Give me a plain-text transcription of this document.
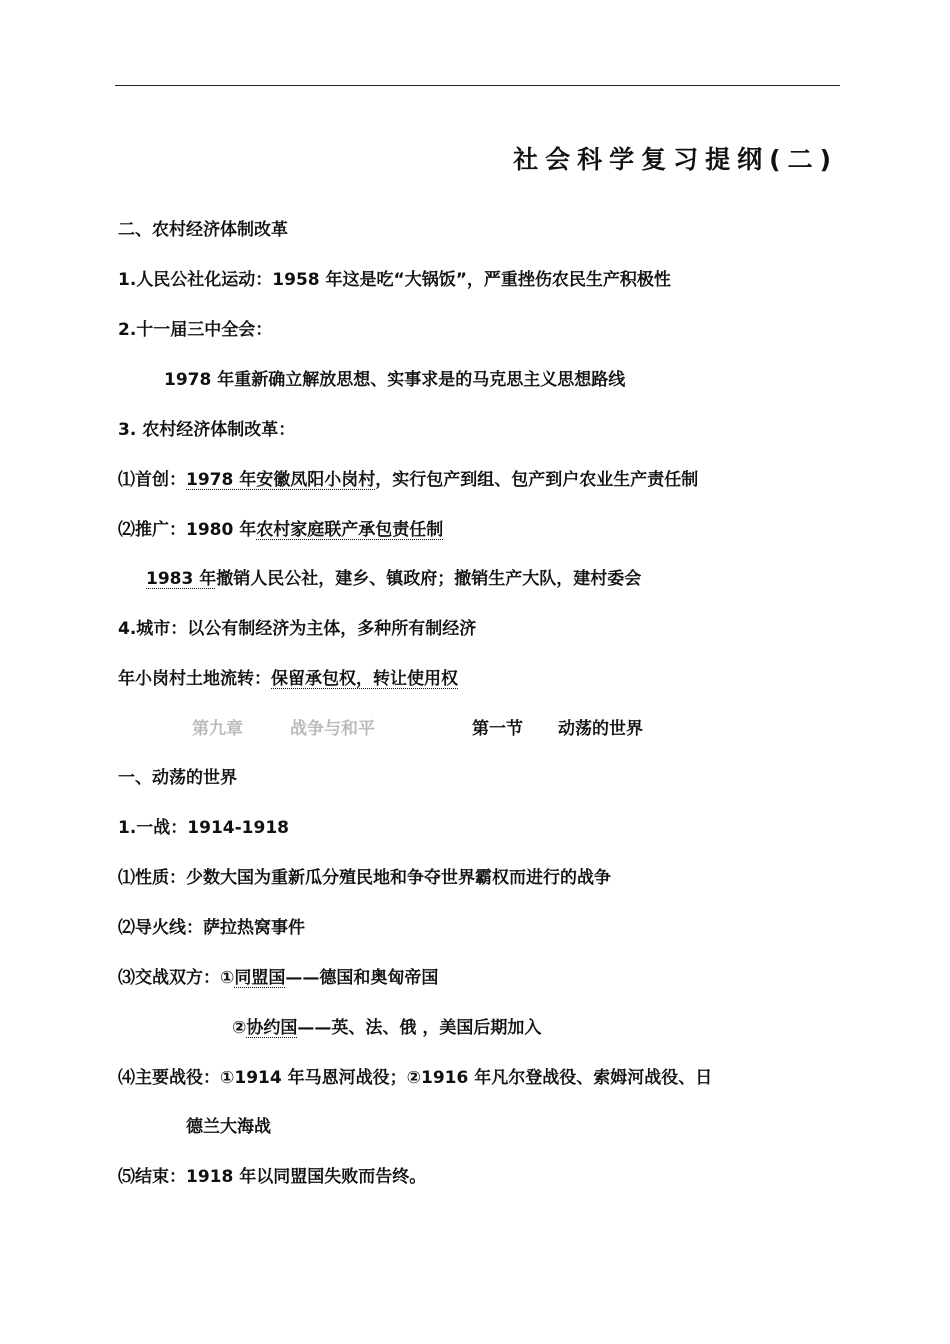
社会科学复习提纲(二)
二、农村经济体制改革
1.人民公社化运动：1958 年这是吃“大锅饭”，严重挫伤农民生产积极性
2.十一届三中全会：
1978 年重新确立解放思想、实事求是的马克思主义思想路线
3. 农村经济体制改革：
⑴首创：1978 年安徽凤阳小岗村，实行包产到组、包产到户农业生产责任制
⑵推广：1980 年农村家庭联产承包责任制
1983 年撤销人民公社，建乡、镇政府；撤销生产大队，建村委会
4.城市：以公有制经济为主体，多种所有制经济
年小岗村土地流转：保留承包权，转让使用权
第九章	战争与和平	第一节 动荡的世界
一、动荡的世界
1.一战：1914-1918
⑴性质：少数大国为重新瓜分殖民地和争夺世界霸权而进行的战争
⑵导火线：萨拉热窝事件
⑶交战双方：①同盟国——德国和奥匈帝国
②协约国——英、法、俄 ，美国后期加入
⑷主要战役：①1914 年马恩河战役；②1916 年凡尔登战役、索姆河战役、日
德兰大海战
⑸结束：1918 年以同盟国失败而告终。
